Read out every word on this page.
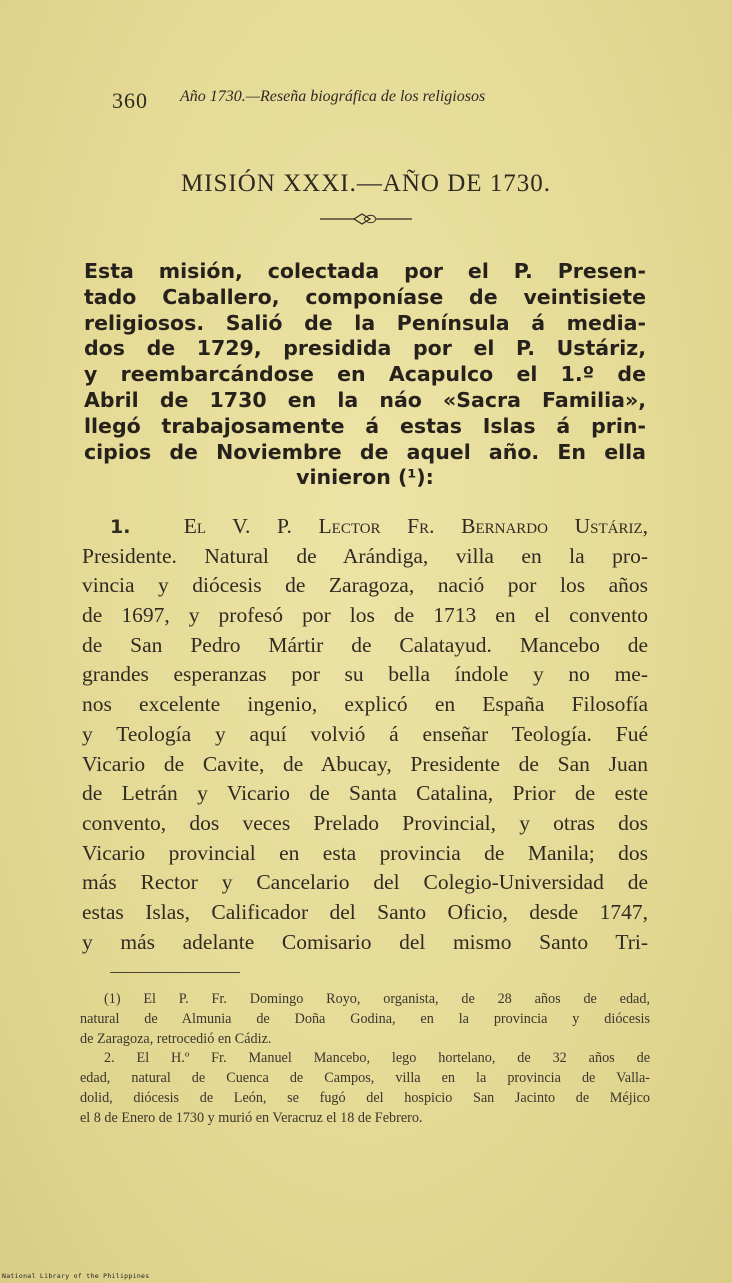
360 Año 1730.—Reseña biográfica de los religiosos
MISIÓN XXXI.—AÑO DE 1730.
Esta misión, colectada por el P. Presen-
tado Caballero, componíase de veintisiete
religiosos. Salió de la Península á media-
dos de 1729, presidida por el P. Ustáriz,
y reembarcándose en Acapulco el 1.º de
Abril de 1730 en la náo «Sacra Familia»,
llegó trabajosamente á estas Islas á prin-
cipios de Noviembre de aquel año. En ella
vinieron (¹):
1. El V. P. Lector Fr. Bernardo Ustáriz,
Presidente. Natural de Arándiga, villa en la pro-
vincia y diócesis de Zaragoza, nació por los años
de 1697, y profesó por los de 1713 en el convento
de San Pedro Mártir de Calatayud. Mancebo de
grandes esperanzas por su bella índole y no me-
nos excelente ingenio, explicó en España Filosofía
y Teología y aquí volvió á enseñar Teología. Fué
Vicario de Cavite, de Abucay, Presidente de San Juan
de Letrán y Vicario de Santa Catalina, Prior de este
convento, dos veces Prelado Provincial, y otras dos
Vicario provincial en esta provincia de Manila; dos
más Rector y Cancelario del Colegio-Universidad de
estas Islas, Calificador del Santo Oficio, desde 1747,
y más adelante Comisario del mismo Santo Tri-
(1) El P. Fr. Domingo Royo, organista, de 28 años de edad,
natural de Almunia de Doña Godina, en la provincia y diócesis
de Zaragoza, retrocedió en Cádiz.
2. El H.º Fr. Manuel Mancebo, lego hortelano, de 32 años de
edad, natural de Cuenca de Campos, villa en la provincia de Valla-
dolid, diócesis de León, se fugó del hospicio San Jacinto de Méjico
el 8 de Enero de 1730 y murió en Veracruz el 18 de Febrero.
National Library of the Philippines
